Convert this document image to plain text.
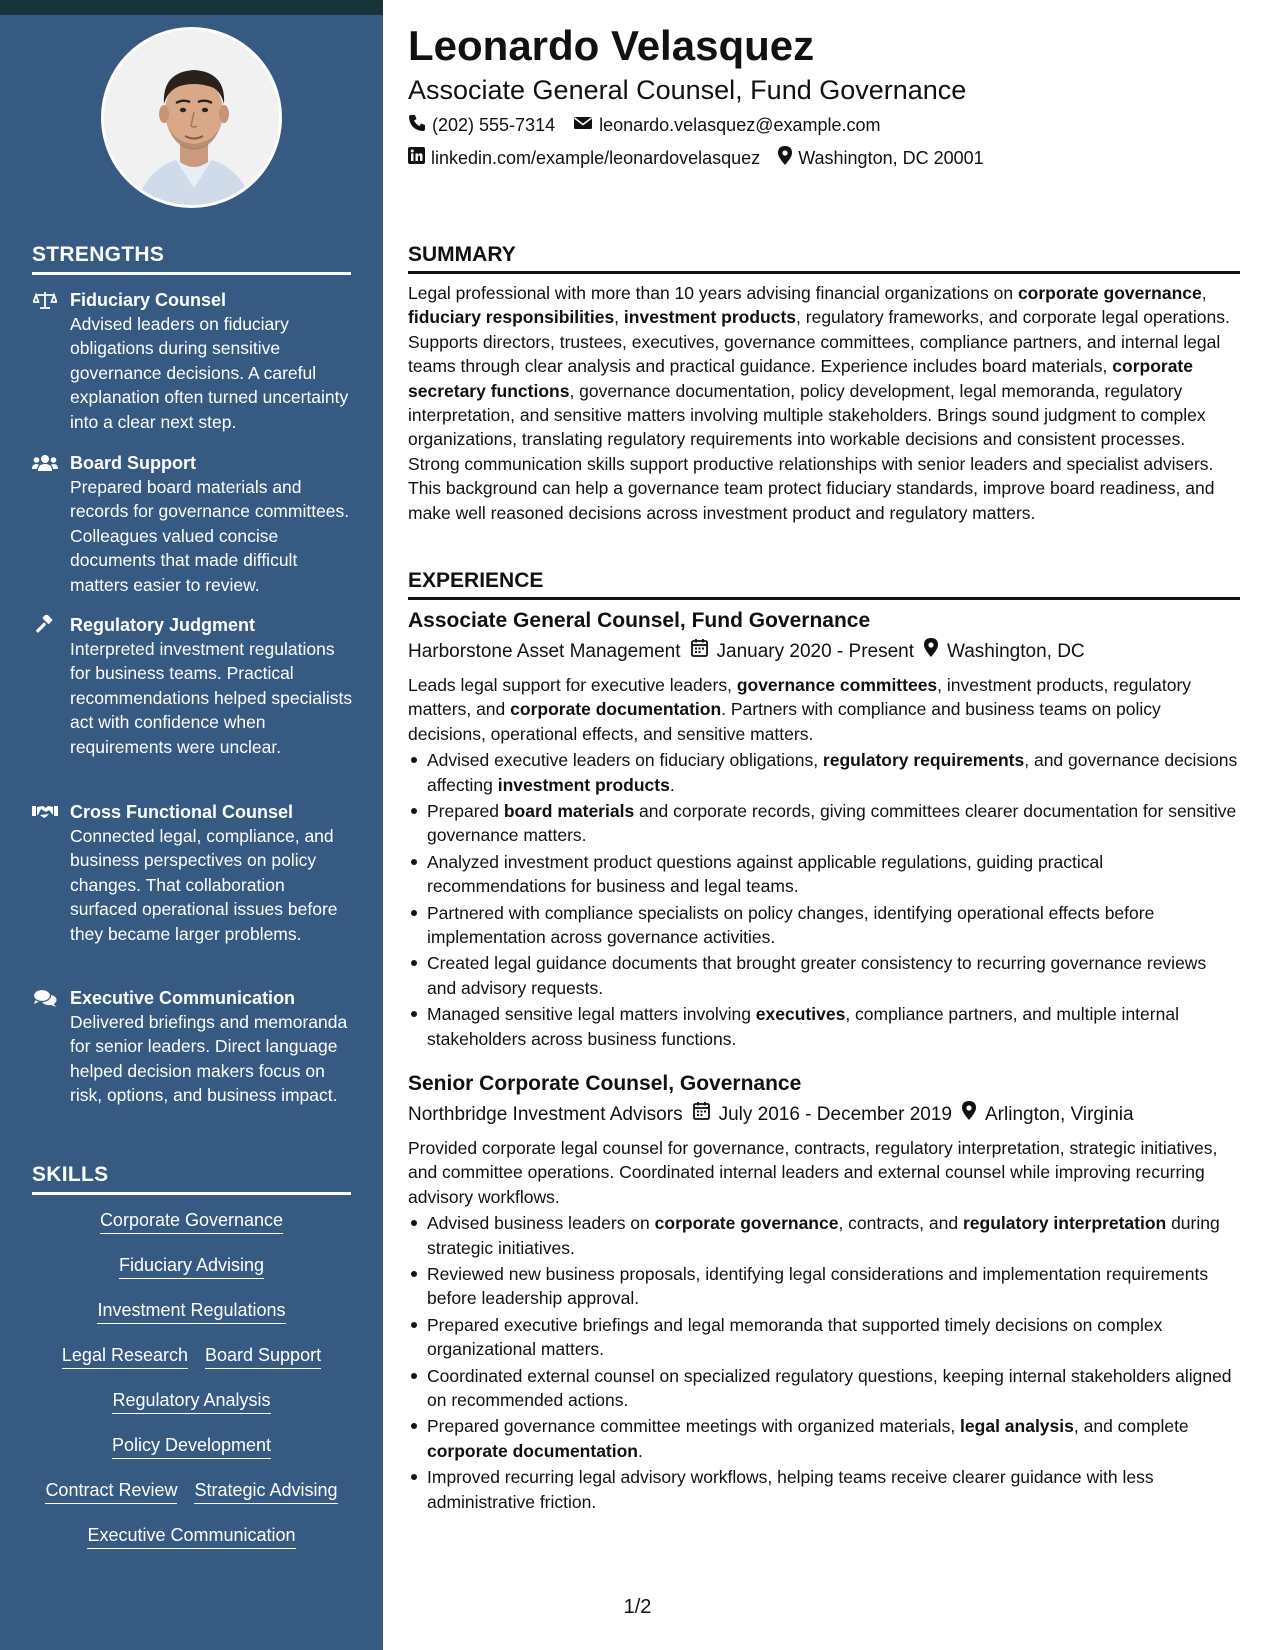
STRENGTHS
Fiduciary Counsel
Advised leaders on fiduciary obligations during sensitive governance decisions. A careful explanation often turned uncertainty into a clear next step.
Board Support
Prepared board materials and records for governance committees. Colleagues valued concise documents that made difficult matters easier to review.
Regulatory Judgment
Interpreted investment regulations for business teams. Practical recommendations helped specialists act with confidence when requirements were unclear.
Cross Functional Counsel
Connected legal, compliance, and business perspectives on policy changes. That collaboration surfaced operational issues before they became larger problems.
Executive Communication
Delivered briefings and memoranda for senior leaders. Direct language helped decision makers focus on risk, options, and business impact.
SKILLS
Corporate Governance
Fiduciary Advising
Investment Regulations
Legal Research Board Support
Regulatory Analysis
Policy Development
Contract Review Strategic Advising
Executive Communication
Leonardo Velasquez
Associate General Counsel, Fund Governance
(202) 555-7314 leonardo.velasquez@example.com
linkedin.com/example/leonardovelasquez Washington, DC 20001
SUMMARY
Legal professional with more than 10 years advising financial organizations on corporate governance, fiduciary responsibilities, investment products, regulatory frameworks, and corporate legal operations. Supports directors, trustees, executives, governance committees, compliance partners, and internal legal teams through clear analysis and practical guidance. Experience includes board materials, corporate secretary functions, governance documentation, policy development, legal memoranda, regulatory interpretation, and sensitive matters involving multiple stakeholders. Brings sound judgment to complex organizations, translating regulatory requirements into workable decisions and consistent processes. Strong communication skills support productive relationships with senior leaders and specialist advisers. This background can help a governance team protect fiduciary standards, improve board readiness, and make well reasoned decisions across investment product and regulatory matters.
EXPERIENCE
Associate General Counsel, Fund Governance
Harborstone Asset Management January 2020 - Present Washington, DC
Leads legal support for executive leaders, governance committees, investment products, regulatory matters, and corporate documentation. Partners with compliance and business teams on policy decisions, operational effects, and sensitive matters.
Advised executive leaders on fiduciary obligations, regulatory requirements, and governance decisions affecting investment products.
Prepared board materials and corporate records, giving committees clearer documentation for sensitive governance matters.
Analyzed investment product questions against applicable regulations, guiding practical recommendations for business and legal teams.
Partnered with compliance specialists on policy changes, identifying operational effects before implementation across governance activities.
Created legal guidance documents that brought greater consistency to recurring governance reviews and advisory requests.
Managed sensitive legal matters involving executives, compliance partners, and multiple internal stakeholders across business functions.
Senior Corporate Counsel, Governance
Northbridge Investment Advisors July 2016 - December 2019 Arlington, Virginia
Provided corporate legal counsel for governance, contracts, regulatory interpretation, strategic initiatives, and committee operations. Coordinated internal leaders and external counsel while improving recurring advisory workflows.
Advised business leaders on corporate governance, contracts, and regulatory interpretation during strategic initiatives.
Reviewed new business proposals, identifying legal considerations and implementation requirements before leadership approval.
Prepared executive briefings and legal memoranda that supported timely decisions on complex organizational matters.
Coordinated external counsel on specialized regulatory questions, keeping internal stakeholders aligned on recommended actions.
Prepared governance committee meetings with organized materials, legal analysis, and complete corporate documentation.
Improved recurring legal advisory workflows, helping teams receive clearer guidance with less administrative friction.
1/2
